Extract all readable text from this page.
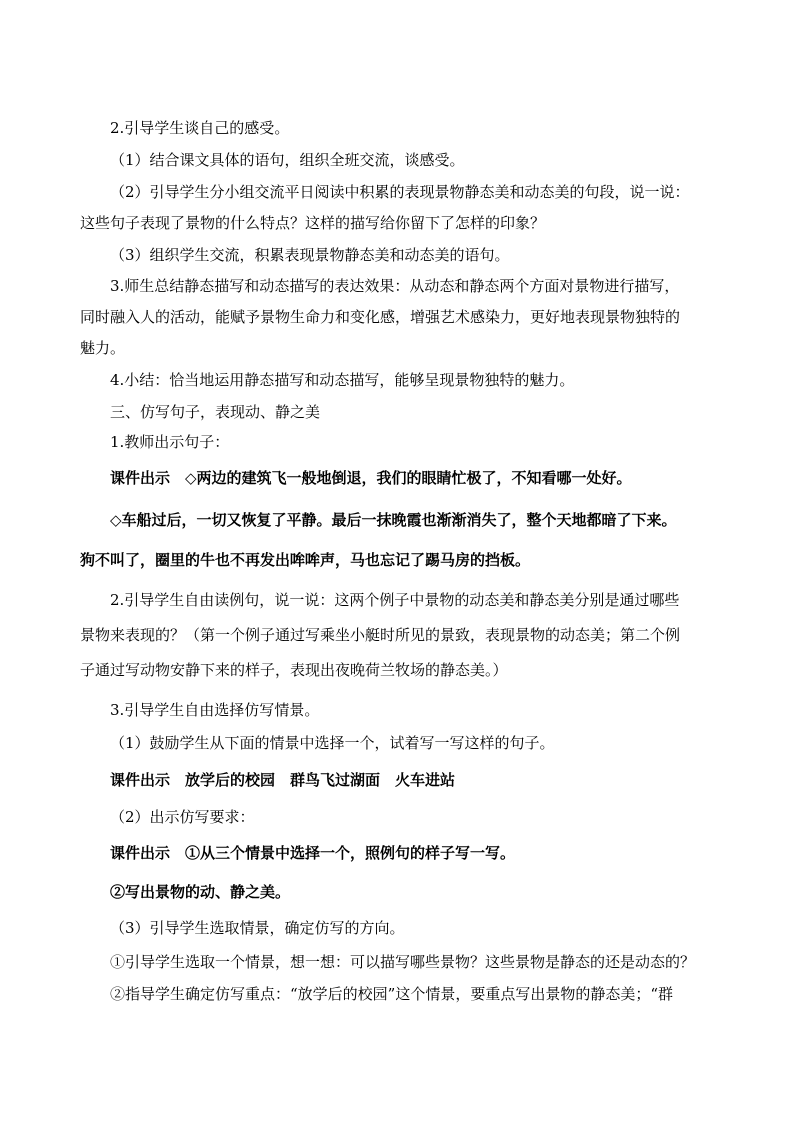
2.引导学生谈自己的感受。
（1）结合课文具体的语句，组织全班交流，谈感受。
（2）引导学生分小组交流平日阅读中积累的表现景物静态美和动态美的句段，说一说：
这些句子表现了景物的什么特点？这样的描写给你留下了怎样的印象？
（3）组织学生交流，积累表现景物静态美和动态美的语句。
3.师生总结静态描写和动态描写的表达效果：从动态和静态两个方面对景物进行描写，
同时融入人的活动，能赋予景物生命力和变化感，增强艺术感染力，更好地表现景物独特的
魅力。
4.小结：恰当地运用静态描写和动态描写，能够呈现景物独特的魅力。
三、仿写句子，表现动、静之美
1.教师出示句子：
课件出示　◇两边的建筑飞一般地倒退，我们的眼睛忙极了，不知看哪一处好。
◇车船过后，一切又恢复了平静。最后一抹晚霞也渐渐消失了，整个天地都暗了下来。
狗不叫了，圈里的牛也不再发出哞哞声，马也忘记了踢马房的挡板。
2.引导学生自由读例句，说一说：这两个例子中景物的动态美和静态美分别是通过哪些
景物来表现的？（第一个例子通过写乘坐小艇时所见的景致，表现景物的动态美；第二个例
子通过写动物安静下来的样子，表现出夜晚荷兰牧场的静态美。）
3.引导学生自由选择仿写情景。
（1）鼓励学生从下面的情景中选择一个，试着写一写这样的句子。
课件出示　放学后的校园　群鸟飞过湖面　火车进站
（2）出示仿写要求：
课件出示　①从三个情景中选择一个，照例句的样子写一写。
②写出景物的动、静之美。
（3）引导学生选取情景，确定仿写的方向。
①引导学生选取一个情景，想一想：可以描写哪些景物？这些景物是静态的还是动态的？
②指导学生确定仿写重点：“放学后的校园”这个情景，要重点写出景物的静态美；“群
